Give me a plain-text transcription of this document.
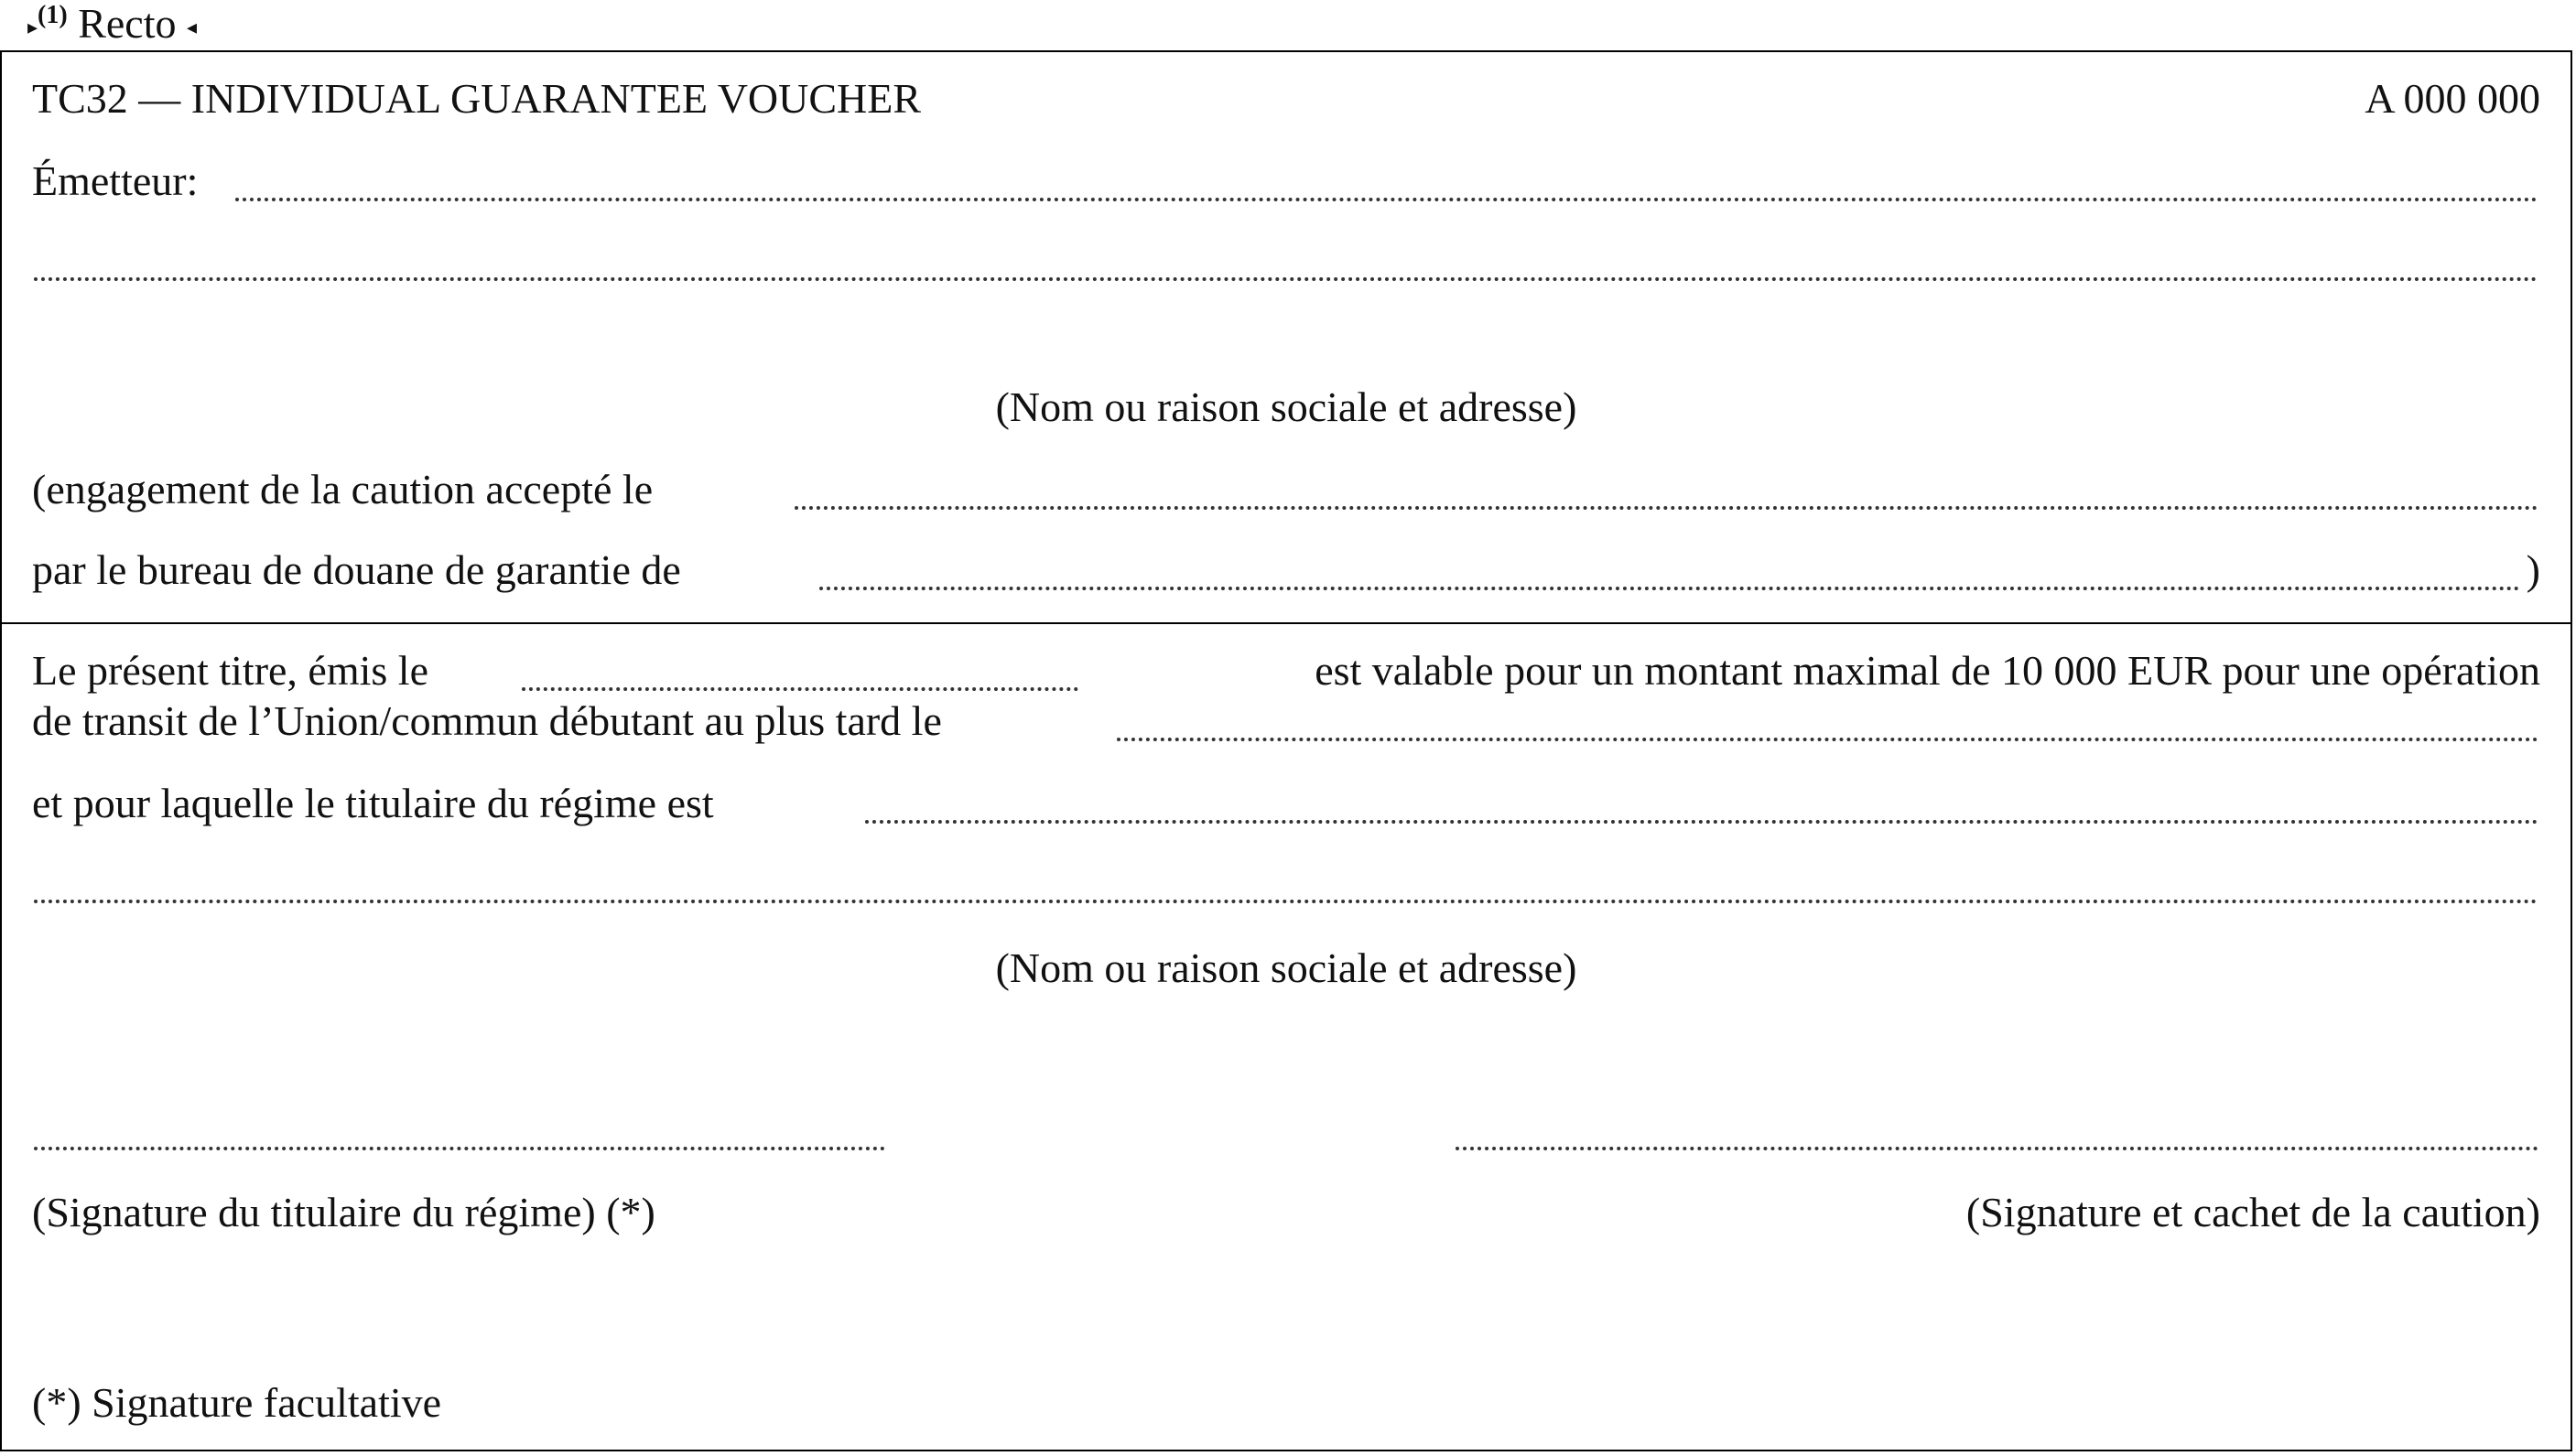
▸$^{(1)}$ Recto ◂
TC32 — INDIVIDUAL GUARANTEE VOUCHER	A 000 000
Émetteur:
(Nom ou raison sociale et adresse)
(engagement de la caution accepté le
par le bureau de douane de garantie de	)
Le présent titre, émis le	est valable pour un montant maximal de 10 000 EUR pour une opération
de transit de l’Union/commun débutant au plus tard le
et pour laquelle le titulaire du régime est
(Nom ou raison sociale et adresse)
(Signature du titulaire du régime) (*)	(Signature et cachet de la caution)
(*) Signature facultative
